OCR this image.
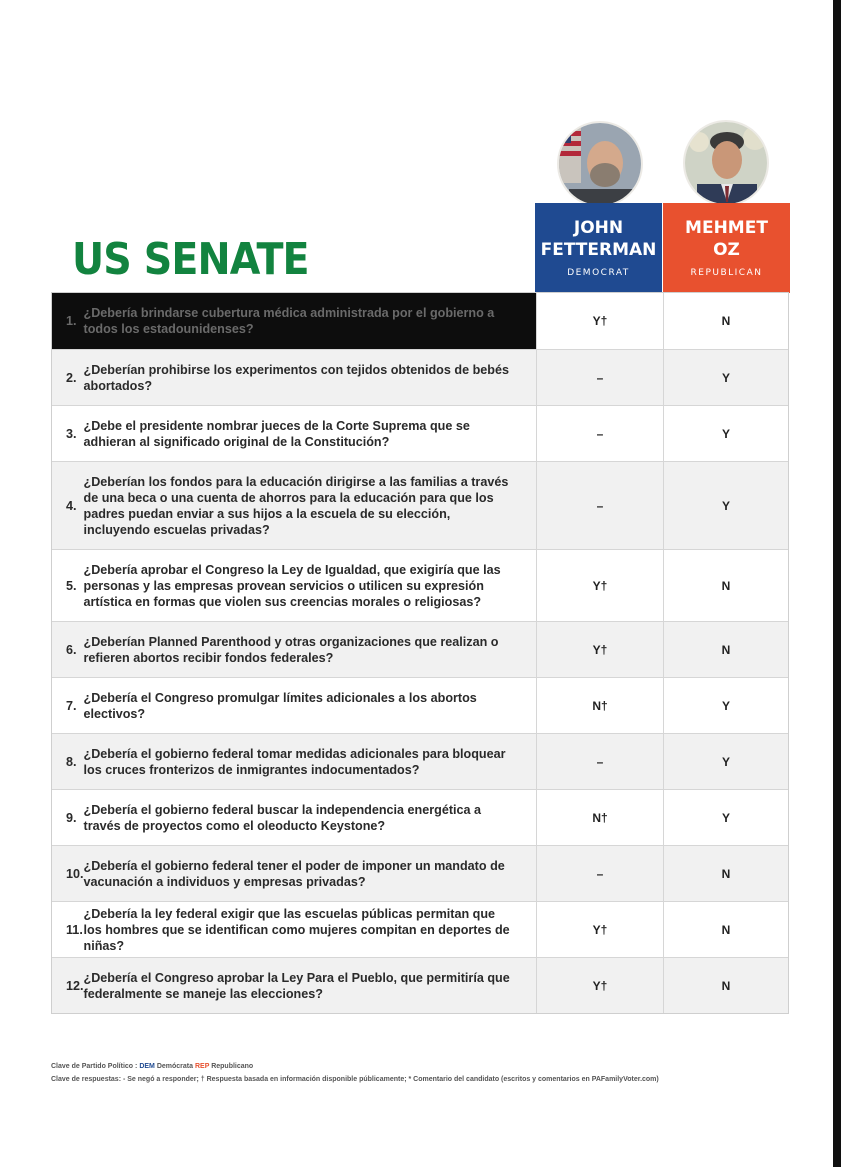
US SENATE
JOHN
FETTERMAN
DEMOCRAT
MEHMET
OZ
REPUBLICAN
1.

¿Debería brindarse cubertura médica administrada por el gobierno a todos los estadounidenses?
Y†	N
2.

¿Deberían prohibirse los experimentos con tejidos obtenidos de bebés abortados?
–	Y
3.

¿Debe el presidente nombrar jueces de la Corte Suprema que se adhieran al significado original de la Constitución?
–	Y
4.

¿Deberían los fondos para la educación dirigirse a las familias a través de una beca o una cuenta de ahorros para la educación para que los padres puedan enviar a sus hijos a la escuela de su elección, incluyendo escuelas privadas?
–	Y
5.

¿Debería aprobar el Congreso la Ley de Igualdad, que exigiría que las personas y las empresas provean servicios o utilicen su expresión artística en formas que violen sus creencias morales o religiosas?
Y†	N
6.

¿Deberían Planned Parenthood y otras organizaciones que realizan o refieren abortos recibir fondos federales?
Y†	N
7.

¿Debería el Congreso promulgar límites adicionales a los abortos electivos?
N†	Y
8.

¿Debería el gobierno federal tomar medidas adicionales para bloquear los cruces fronterizos de inmigrantes indocumentados?
–	Y
9.

¿Debería el gobierno federal buscar la independencia energética a través de proyectos como el oleoducto Keystone?
N†	Y
10.

¿Debería el gobierno federal tener el poder de imponer un mandato de vacunación a individuos y empresas privadas?
–	N
11.

¿Debería la ley federal exigir que las escuelas públicas permitan que los hombres que se identifican como mujeres compitan en deportes de niñas?
Y†	N
12.

¿Debería el Congreso aprobar la Ley Para el Pueblo, que permitiría que federalmente se maneje las elecciones?
Y†	N
Clave de Partido Político : DEM Demócrata REP Republicano
Clave de respuestas: - Se negó a responder; † Respuesta basada en información disponible públicamente; * Comentario del candidato (escritos y comentarios en PAFamilyVoter.com)
